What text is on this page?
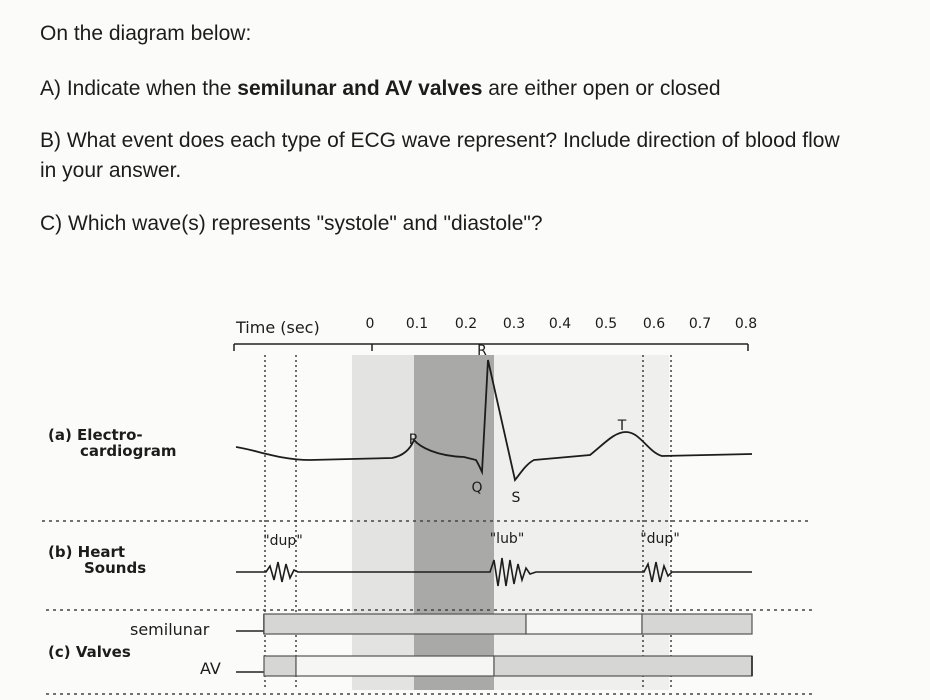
On the diagram below:

A) Indicate when the semilunar and AV valves are either open or closed

B) What event does each type of ECG wave represent? Include direction of blood flow in your answer.

C) Which wave(s) represents "systole" and "diastole"?

Time (sec)	0 0.1 0.2 0.3 0.4 0.5 0.6 0.7 0.8
(a) Electro-
cardiogram
(b) Heart
Sounds
(c) Valves
semilunar
AV
R
P
Q
S
T
"dup"	"lub"	"dup"
